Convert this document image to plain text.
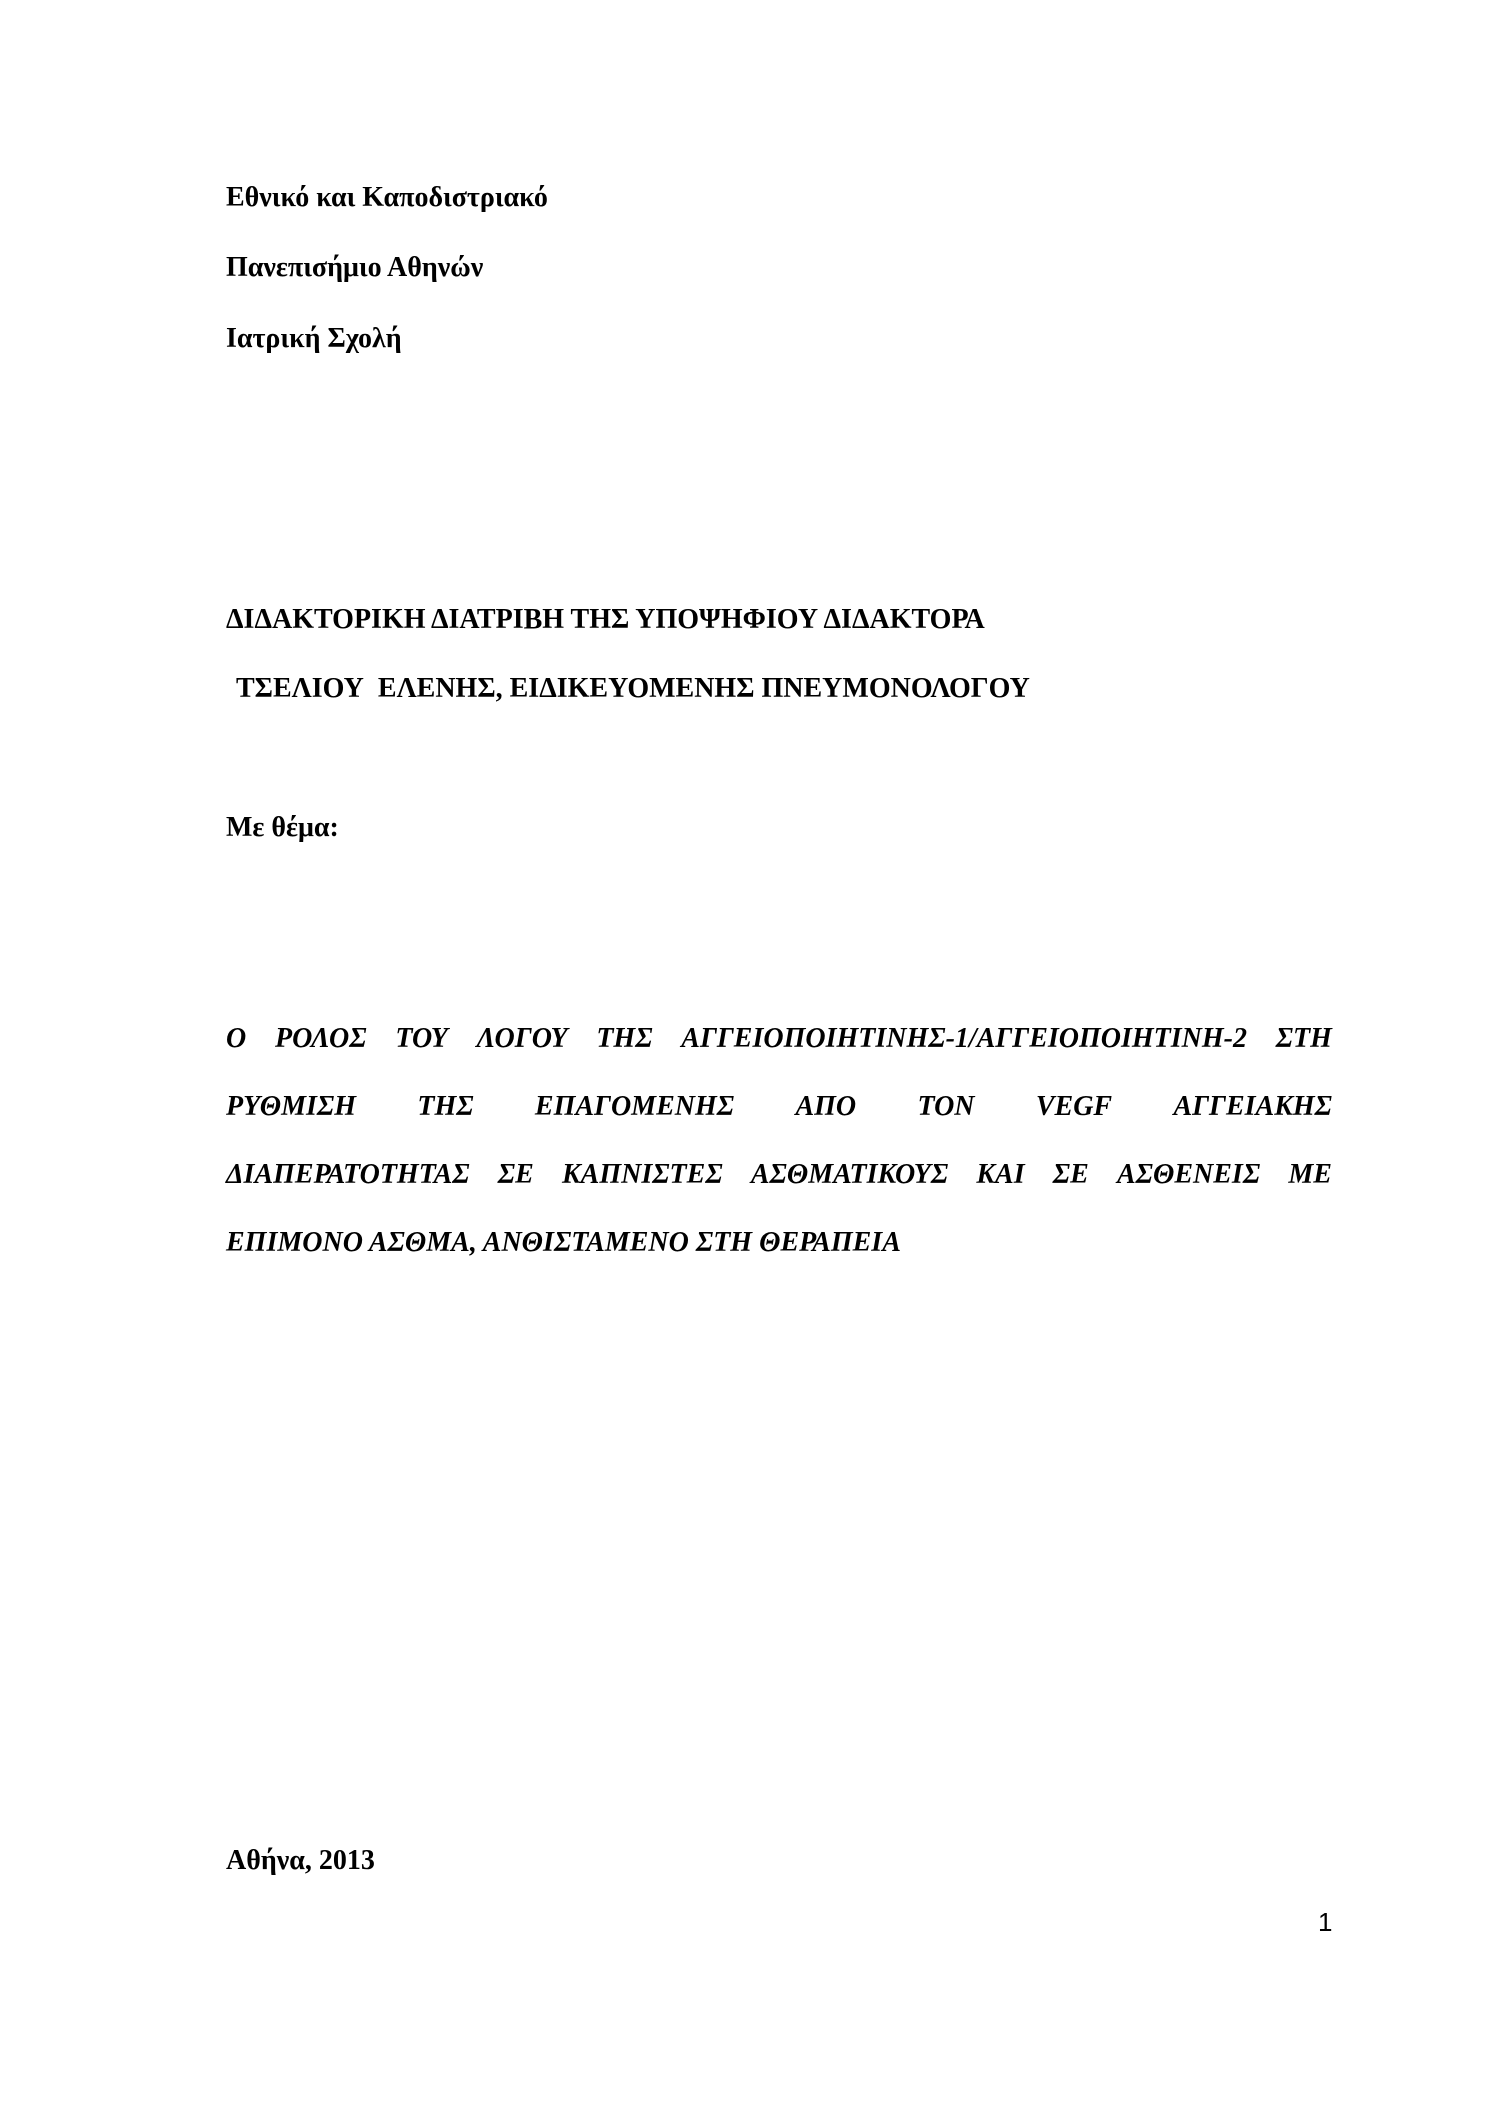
Εθνικό και Καποδιστριακό
Πανεπισήμιο Αθηνών
Ιατρική Σχολή
ΔΙΔΑΚΤΟΡΙΚΗ ΔΙΑΤΡΙΒΗ ΤΗΣ ΥΠΟΨΗΦΙΟΥ ΔΙΔΑΚΤΟΡΑ
ΤΣΕΛΙΟΥ  ΕΛΕΝΗΣ, ΕΙΔΙΚΕΥΟΜΕΝΗΣ ΠΝΕΥΜΟΝΟΛΟΓΟΥ
Με θέμα:
Ο ΡΟΛΟΣ ΤΟΥ ΛΟΓΟΥ ΤΗΣ ΑΓΓΕΙΟΠΟΙΗΤΙΝΗΣ-1/ΑΓΓΕΙΟΠΟΙΗΤΙΝΗ-2 ΣΤΗ
ΡΥΘΜΙΣΗ ΤΗΣ ΕΠΑΓΟΜΕΝΗΣ ΑΠΟ ΤΟΝ VEGF ΑΓΓΕΙΑΚΗΣ
ΔΙΑΠΕΡΑΤΟΤΗΤΑΣ ΣΕ ΚΑΠΝΙΣΤΕΣ ΑΣΘΜΑΤΙΚΟΥΣ ΚΑΙ ΣΕ ΑΣΘΕΝΕΙΣ ΜΕ
ΕΠΙΜΟΝΟ ΑΣΘΜΑ, ΑΝΘΙΣΤΑΜΕΝΟ ΣΤΗ ΘΕΡΑΠΕΙΑ
Αθήνα, 2013
1
